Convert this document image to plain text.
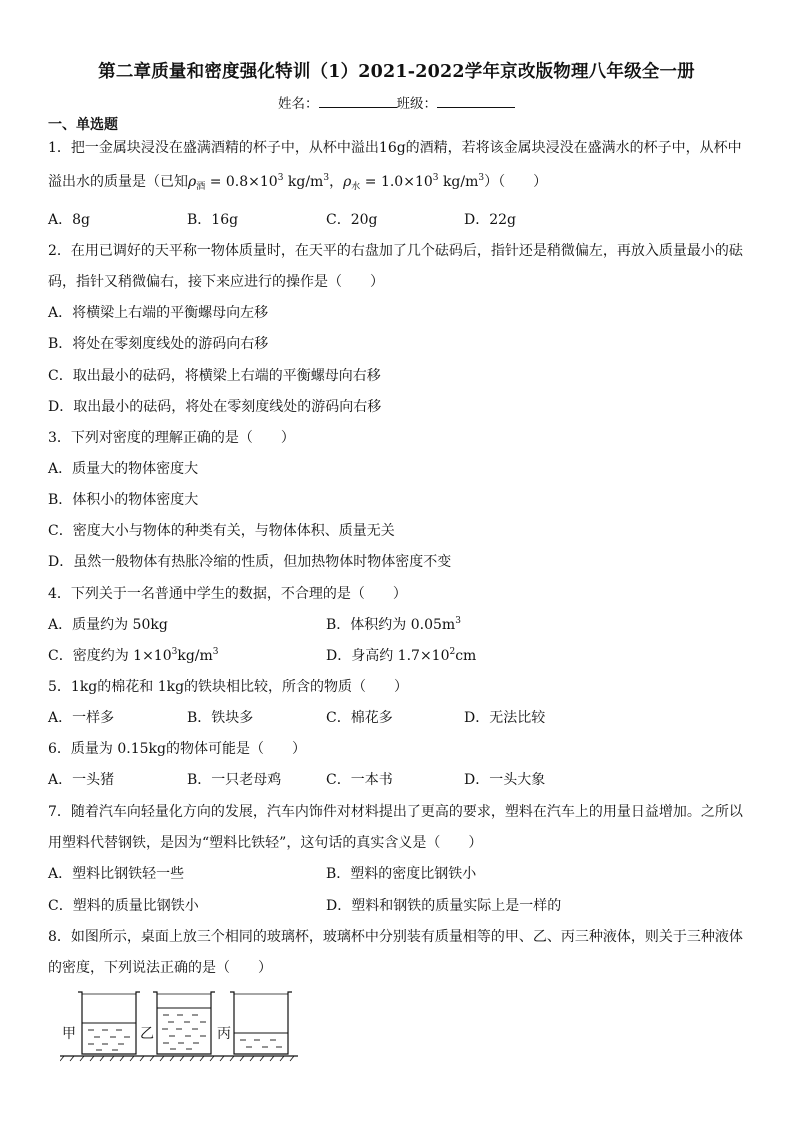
第二章质量和密度强化特训（1）2021-2022学年京改版物理八年级全一册
姓名：	班级：
一、单选题
1．把一金属块浸没在盛满酒精的杯子中，从杯中溢出16g的酒精，若将该金属块浸没在盛满水的杯子中，从杯中
溢出水的质量是（已知$\rho_酒 = 0.8\times 10^3$ $kg/m^3$，$\rho_水 = 1.0\times 10^3$ $kg/m^3$）（　　）
A．8g	B．16g	C．20g	D．22g
2．在用已调好的天平称一物体质量时，在天平的右盘加了几个砝码后，指针还是稍微偏左，再放入质量最小的砝
码，指针又稍微偏右，接下来应进行的操作是（　　）
A．将横梁上右端的平衡螺母向左移
B．将处在零刻度线处的游码向右移
C．取出最小的砝码，将横梁上右端的平衡螺母向右移
D．取出最小的砝码，将处在零刻度线处的游码向右移
3．下列对密度的理解正确的是（　　）
A．质量大的物体密度大
B．体积小的物体密度大
C．密度大小与物体的种类有关，与物体体积、质量无关
D．虽然一般物体有热胀冷缩的性质，但加热物体时物体密度不变
4．下列关于一名普通中学生的数据，不合理的是（　　）
A．质量约为 50kg	B．体积约为 $0.05m^3$
C．密度约为 $1\times 10^3kg/m^3$	D．身高约 $1.7\times 10^2cm$
5．1kg的棉花和 1kg的铁块相比较，所含的物质（　　）
A．一样多	B．铁块多	C．棉花多	D．无法比较
6．质量为 0.15kg的物体可能是（　　）
A．一头猪	B．一只老母鸡	C．一本书	D．一头大象
7．随着汽车向轻量化方向的发展，汽车内饰件对材料提出了更高的要求，塑料在汽车上的用量日益增加。之所以
用塑料代替钢铁，是因为“塑料比铁轻”，这句话的真实含义是（　　）
A．塑料比钢铁轻一些	B．塑料的密度比钢铁小
C．塑料的质量比钢铁小	D．塑料和钢铁的质量实际上是一样的
8．如图所示，桌面上放三个相同的玻璃杯，玻璃杯中分别装有质量相等的甲、乙、丙三种液体，则关于三种液体
的密度，下列说法正确的是（　　）
甲	乙	丙
